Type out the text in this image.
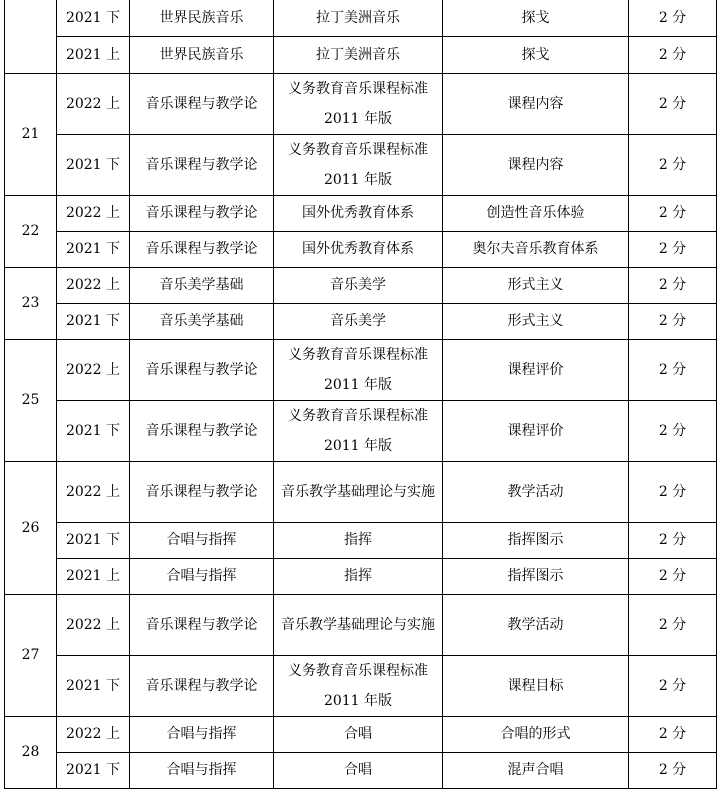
	2021 下	世界民族音乐	拉丁美洲音乐	探戈	2 分
	2021 上	世界民族音乐	拉丁美洲音乐	探戈	2 分
21	2022 上	音乐课程与教学论	义务教育音乐课程标准 2011 年版	课程内容	2 分
	2021 下	音乐课程与教学论	义务教育音乐课程标准 2011 年版	课程内容	2 分
22	2022 上	音乐课程与教学论	国外优秀教育体系	创造性音乐体验	2 分
	2021 下	音乐课程与教学论	国外优秀教育体系	奥尔夫音乐教育体系	2 分
23	2022 上	音乐美学基础	音乐美学	形式主义	2 分
	2021 下	音乐美学基础	音乐美学	形式主义	2 分
25	2022 上	音乐课程与教学论	义务教育音乐课程标准 2011 年版	课程评价	2 分
	2021 下	音乐课程与教学论	义务教育音乐课程标准 2011 年版	课程评价	2 分
26	2022 上	音乐课程与教学论	音乐教学基础理论与实施	教学活动	2 分
	2021 下	合唱与指挥	指挥	指挥图示	2 分
	2021 上	合唱与指挥	指挥	指挥图示	2 分
27	2022 上	音乐课程与教学论	音乐教学基础理论与实施	教学活动	2 分
	2021 下	音乐课程与教学论	义务教育音乐课程标准 2011 年版	课程目标	2 分
28	2022 上	合唱与指挥	合唱	合唱的形式	2 分
	2021 下	合唱与指挥	合唱	混声合唱	2 分
